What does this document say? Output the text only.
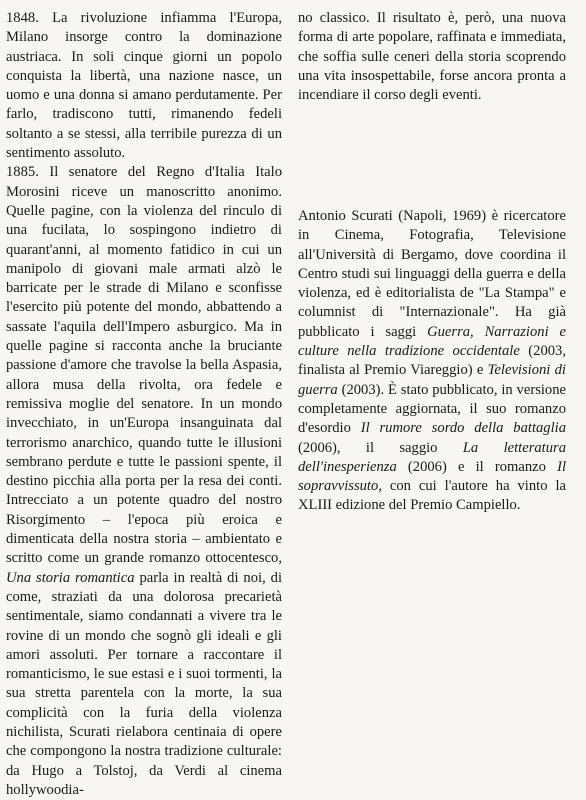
1848. La rivoluzione infiamma l'Europa, Milano insorge contro la dominazione austriaca. In soli cinque giorni un popolo conquista la libertà, una nazione nasce, un uomo e una donna si amano perdutamente. Per farlo, tradiscono tutti, rimanendo fedeli soltanto a se stessi, alla terribile purezza di un sentimento assoluto.

1885. Il senatore del Regno d'Italia Italo Morosini riceve un manoscritto anonimo. Quelle pagine, con la violenza del rinculo di una fucilata, lo sospingono indietro di quarant'anni, al momento fatidico in cui un manipolo di giovani male armati alzò le barricate per le strade di Milano e sconfisse l'esercito più potente del mondo, abbattendo a sassate l'aquila dell'Impero asburgico. Ma in quelle pagine si racconta anche la bruciante passione d'amore che travolse la bella Aspasia, allora musa della rivolta, ora fedele e remissiva moglie del senatore. In un mondo invecchiato, in un'Europa insanguinata dal terrorismo anarchico, quando tutte le illusioni sembrano perdute e tutte le passioni spente, il destino picchia alla porta per la resa dei conti. Intrecciato a un potente quadro del nostro Risorgimento – l'epoca più eroica e dimenticata della nostra storia – ambientato e scritto come un grande romanzo ottocentesco, Una storia romantica parla in realtà di noi, di come, straziati da una dolorosa precarietà sentimentale, siamo condannati a vivere tra le rovine di un mondo che sognò gli ideali e gli amori assoluti. Per tornare a raccontare il romanticismo, le sue estasi e i suoi tormenti, la sua stretta parentela con la morte, la sua complicità con la furia della violenza nichilista, Scurati rielabora centinaia di opere che compongono la nostra tradizione culturale: da Hugo a Tolstoj, da Verdi al cinema hollywoodia-

no classico. Il risultato è, però, una nuova forma di arte popolare, raffinata e immediata, che soffia sulle ceneri della storia scoprendo una vita insospettabile, forse ancora pronta a incendiare il corso degli eventi.

Antonio Scurati (Napoli, 1969) è ricercatore in Cinema, Fotografia, Televisione all'Università di Bergamo, dove coordina il Centro studi sui linguaggi della guerra e della violenza, ed è editorialista de "La Stampa" e columnist di "Internazionale". Ha già pubblicato i saggi Guerra, Narrazioni e culture nella tradizione occidentale (2003, finalista al Premio Viareggio) e Televisioni di guerra (2003). È stato pubblicato, in versione completamente aggiornata, il suo romanzo d'esordio Il rumore sordo della battaglia (2006), il saggio La letteratura dell'inesperienza (2006) e il romanzo Il sopravvissuto, con cui l'autore ha vinto la XLIII edizione del Premio Campiello.
